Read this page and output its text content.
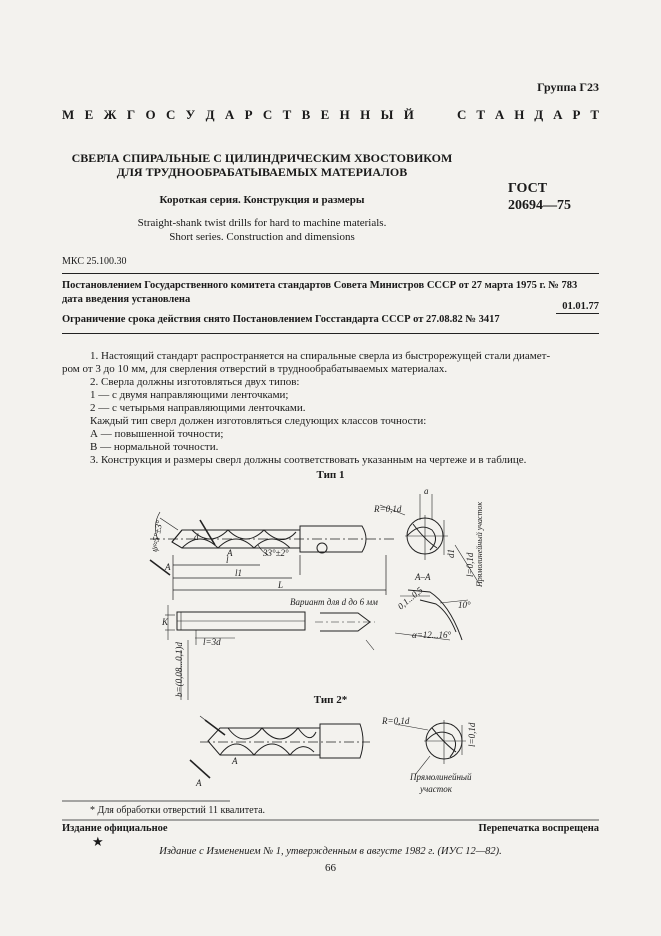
Группа Г23
М Е Ж Г О С У Д А Р С Т В Е Н Н Ы Й	С Т А Н Д А Р Т
СВЕРЛА СПИРАЛЬНЫЕ С ЦИЛИНДРИЧЕСКИМ ХВОСТОВИКОМ
ДЛЯ ТРУДНООБРАБАТЫВАЕМЫХ МАТЕРИАЛОВ
Короткая серия. Конструкция и размеры
ГОСТ
20694—75
Straight-shank twist drills for hard to machine materials.
Short series. Construction and dimensions
МКС 25.100.30
Постановлением Государственного комитета стандартов Совета Министров СССР от 27 марта 1975 г. № 783
дата введения установлена
01.01.77
Ограничение срока действия снято Постановлением Госстандарта СССР от 27.08.82 № 3417

1. Настоящий стандарт распространяется на спиральные сверла из быстрорежущей стали диамет-

ром от 3 до 10 мм, для сверления отверстий в труднообрабатываемых материалах.

2. Сверла должны изготовляться двух типов:

1 — с двумя направляющими ленточками;

2 — с четырьмя направляющими ленточками.

Каждый тип сверл должен изготовляться следующих классов точности:

А — повышенной точности;

В — нормальной точности.

3. Конструкция и размеры сверл должны соответствовать указанным на чертеже и в таблице.

Тип 1
Тип 2*
ψ≈5°±3°
А
А	33°±2°
d
l
l1
L
R=0,1d
a
d1
А–А	l=0,1d Прямолинейный участок
Вариант для d до 6 мм
K
l=3d
b=(0,08...0,1)d
0,1...0,5	10°
α=12...16°
А
А
R=0,1d
l=0,1d
Прямолинейный
участок
* Для обработки отверстий 11 квалитета.
Издание официальное	Перепечатка воспрещена
★
Издание с Изменением № 1, утвержденным в августе 1982 г. (ИУС 12—82).
66
